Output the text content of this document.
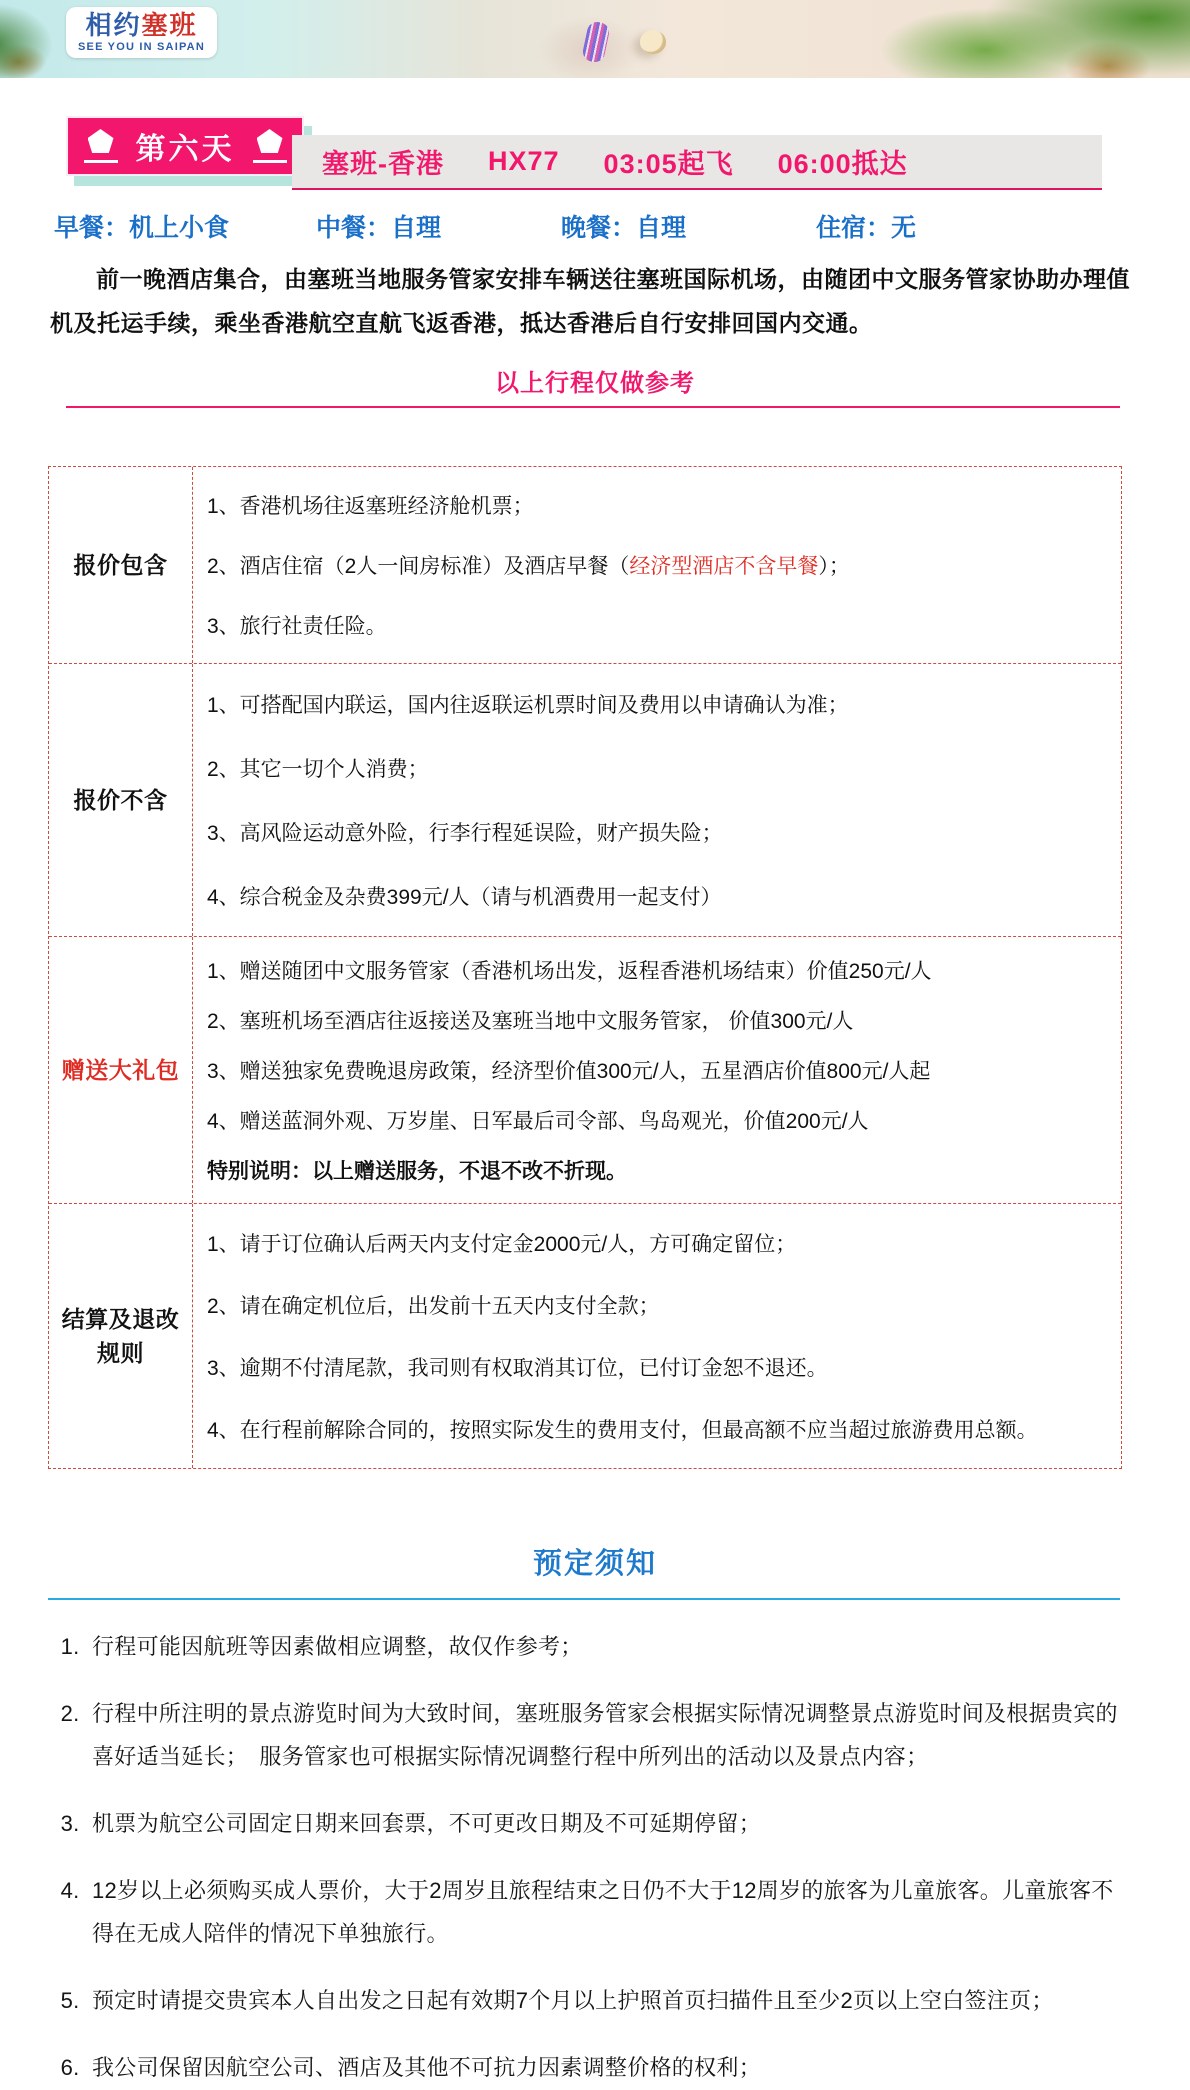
相约塞班
SEE YOU IN SAIPAN
第六天	塞班-香港 HX77 03:05起飞 06:00抵达
早餐：机上小食	中餐：自理	晚餐：自理	住宿：无

前一晚酒店集合，由塞班当地服务管家安排车辆送往塞班国际机场，由随团中文服务管家协助办理值机及托运手续，乘坐香港航空直航飞返香港，抵达香港后自行安排回国内交通。

以上行程仅做参考
报价包含

1、香港机场往返塞班经济舱机票；

2、酒店住宿（2人一间房标准）及酒店早餐（经济型酒店不含早餐）；

3、旅行社责任险。

报价不含

1、可搭配国内联运，国内往返联运机票时间及费用以申请确认为准；

2、其它一切个人消费；

3、高风险运动意外险，行李行程延误险，财产损失险；

4、综合税金及杂费399元/人（请与机酒费用一起支付）

赠送大礼包

1、赠送随团中文服务管家（香港机场出发，返程香港机场结束）价值250元/人

2、塞班机场至酒店往返接送及塞班当地中文服务管家， 价值300元/人

3、赠送独家免费晚退房政策，经济型价值300元/人，五星酒店价值800元/人起

4、赠送蓝洞外观、万岁崖、日军最后司令部、鸟岛观光，价值200元/人

特别说明：以上赠送服务，不退不改不折现。

结算及退改
规则

1、请于订位确认后两天内支付定金2000元/人，方可确定留位；

2、请在确定机位后，出发前十五天内支付全款；

3、逾期不付清尾款，我司则有权取消其订位，已付订金恕不退还。

4、在行程前解除合同的，按照实际发生的费用支付，但最高额不应当超过旅游费用总额。

预定须知
1. 行程可能因航班等因素做相应调整，故仅作参考；
2. 行程中所注明的景点游览时间为大致时间，塞班服务管家会根据实际情况调整景点游览时间及根据贵宾的喜好适当延长；　服务管家也可根据实际情况调整行程中所列出的活动以及景点内容；
3. 机票为航空公司固定日期来回套票，不可更改日期及不可延期停留；
4. 12岁以上必须购买成人票价，大于2周岁且旅程结束之日仍不大于12周岁的旅客为儿童旅客。儿童旅客不得在无成人陪伴的情况下单独旅行。
5. 预定时请提交贵宾本人自出发之日起有效期7个月以上护照首页扫描件且至少2页以上空白签注页；
6. 我公司保留因航空公司、酒店及其他不可抗力因素调整价格的权利；
